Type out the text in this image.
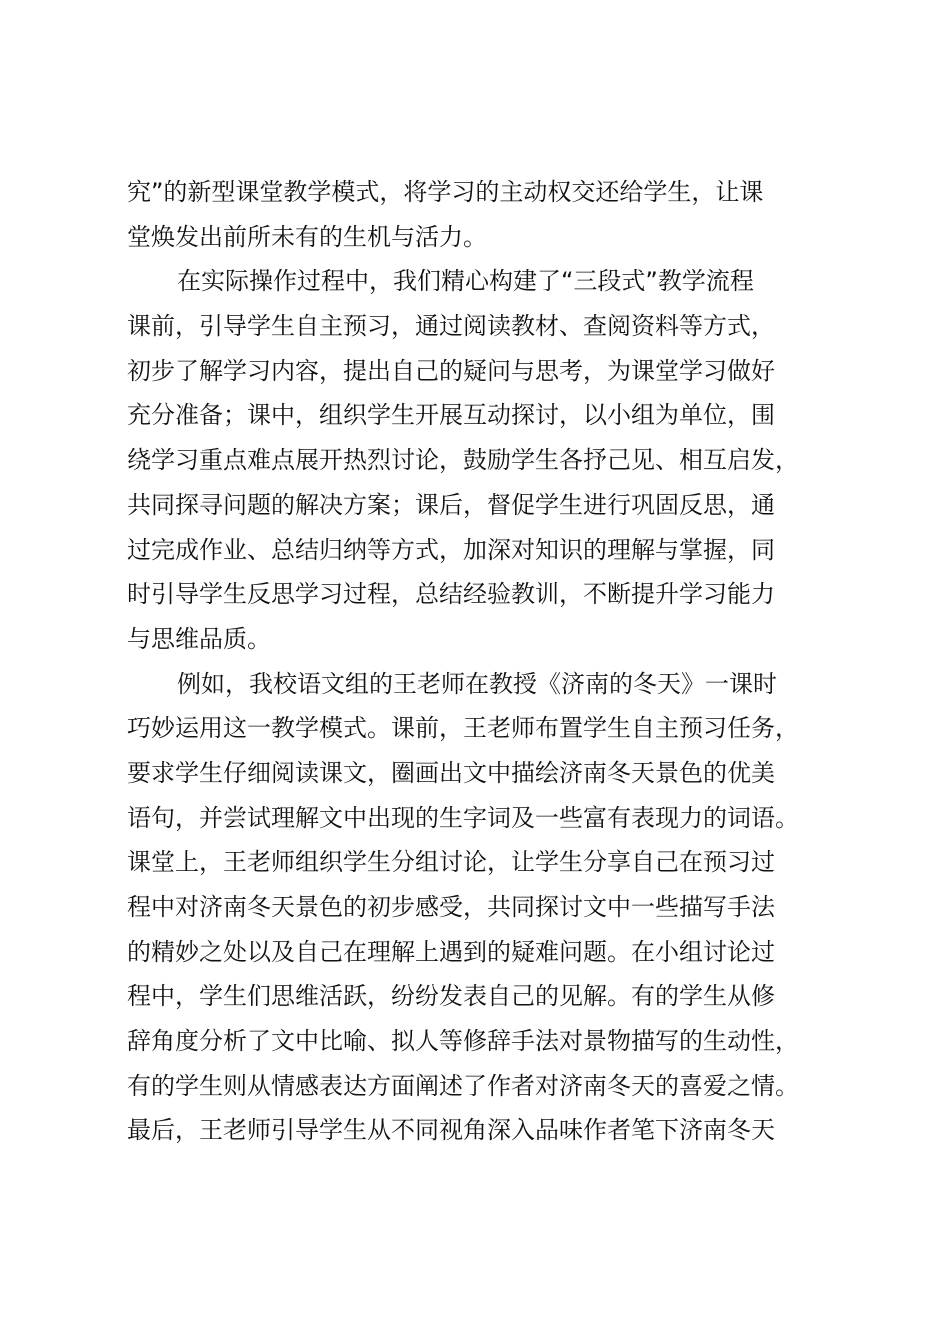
究”的新型课堂教学模式，将学习的主动权交还给学生，让课
堂焕发出前所未有的生机与活力。
在实际操作过程中，我们精心构建了“三段式”教学流程
课前，引导学生自主预习，通过阅读教材、查阅资料等方式，
初步了解学习内容，提出自己的疑问与思考，为课堂学习做好
充分准备；课中，组织学生开展互动探讨，以小组为单位，围
绕学习重点难点展开热烈讨论，鼓励学生各抒己见、相互启发，
共同探寻问题的解决方案；课后，督促学生进行巩固反思，通
过完成作业、总结归纳等方式，加深对知识的理解与掌握，同
时引导学生反思学习过程，总结经验教训，不断提升学习能力
与思维品质。
例如，我校语文组的王老师在教授《济南的冬天》一课时
巧妙运用这一教学模式。课前，王老师布置学生自主预习任务，
要求学生仔细阅读课文，圈画出文中描绘济南冬天景色的优美
语句，并尝试理解文中出现的生字词及一些富有表现力的词语。
课堂上，王老师组织学生分组讨论，让学生分享自己在预习过
程中对济南冬天景色的初步感受，共同探讨文中一些描写手法
的精妙之处以及自己在理解上遇到的疑难问题。在小组讨论过
程中，学生们思维活跃，纷纷发表自己的见解。有的学生从修
辞角度分析了文中比喻、拟人等修辞手法对景物描写的生动性，
有的学生则从情感表达方面阐述了作者对济南冬天的喜爱之情。
最后，王老师引导学生从不同视角深入品味作者笔下济南冬天
